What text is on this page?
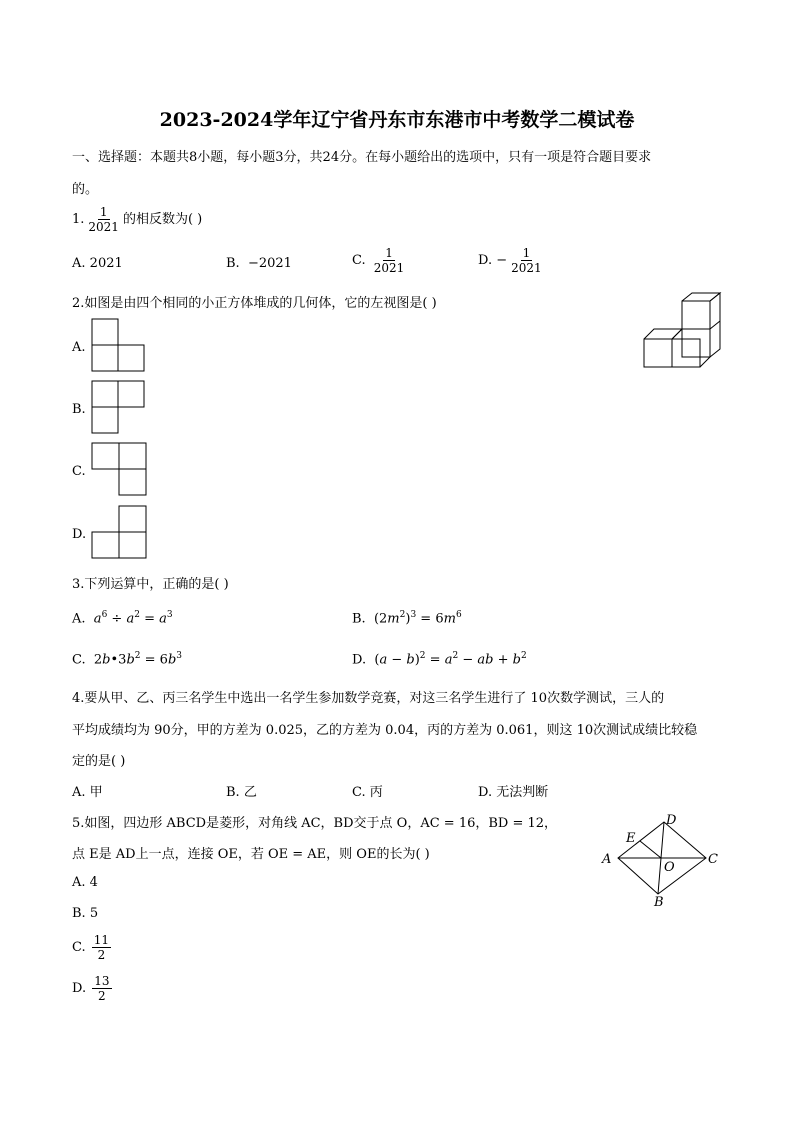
2023-2024学年辽宁省丹东市东港市中考数学二模试卷
一、选择题：本题共8小题，每小题3分，共24分。在每小题给出的选项中，只有一项是符合题目要求
的。
1. $\frac{1}{2021}$ 的相反数为( )
A. 2021	B. −2021	C. $\frac{1}{2021}$	D. − $\frac{1}{2021}$
2.如图是由四个相同的小正方体堆成的几何体，它的左视图是( )
A.
B.
C.
D.
3.下列运算中，正确的是( )
A. $a^6 \div a^2 = a^3$	B.  $(2m^2)^3 = 6m^6$
C.  $2b•3b^2 = 6b^3$	D.  $(a - b)^2 = a^2$ − ab + $b^2$
4.要从甲、乙、丙三名学生中选出一名学生参加数学竞赛，对这三名学生进行了 10次数学测试，三人的
平均成绩均为 90分，甲的方差为 0.025，乙的方差为 0.04，丙的方差为 0.061，则这 10次测试成绩比较稳
定的是( )
A. 甲	B. 乙	C. 丙	D. 无法判断
5.如图，四边形 ABCD是菱形，对角线 AC，BD交于点 O，AC = 16，BD = 12，
点 E是 AD上一点，连接 OE，若 OE = AE，则 OE的长为( )
A. 4
B. 5
C. $\frac{11}{2}$
D. $\frac{13}{2}$
A
B
C
D
E
O
